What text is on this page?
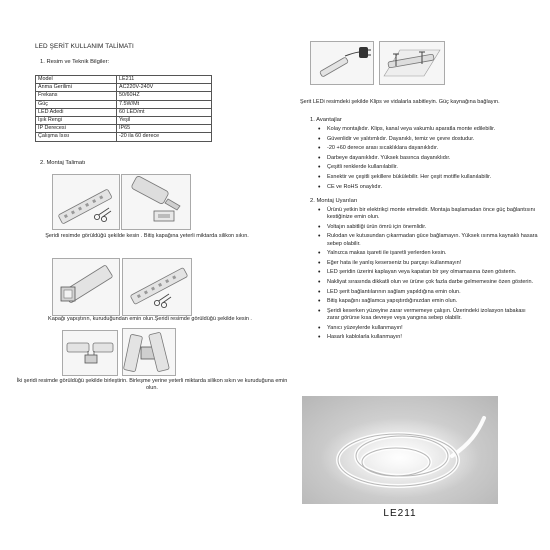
LED ŞERİT KULLANIM TALİMATI
1. Resim ve Teknik Bilgiler:
Model	LE211
Anma Gerilimi	AC220V-240V
Frekans	50/60HZ
Güç	7.5W/Mt
LED Adedi	60 LED/mt
Işık Rengi	Yeşil
IP Derecesi	IP65
Çalışma Isısı	-20 ila 60 derece
2. Montaj Talimatı
Şeridi resimde görüldüğü şekilde kesin . Bitiş kapağına yeterli miktarda silikon sıkın.
Kapağı yapıştırın, kuruduğundan emin olun.Şeridi resimde görüldüğü şekilde kesin .
İki şeridi resimde görüldüğü şekilde birleştirin. Birleşme yerine yeterli miktarda silikon sıkın ve kuruduğuna emin olun.
Şerit LEDi resimdeki şekilde Klips ve vidalarla sabitleyin. Güç kaynağına bağlayın.
1. Avantajlar
• Kolay montajlıdır. Klips, kanal veya vakumlu aparatla monte edilebilir.
• Güvenlidir ve yalıtımlıdır. Dayanıklı, temiz ve çevre dostudur.
• -20 +60 derece arası sıcaklıklara dayanıklıdır.
• Darbeye dayanıklıdır. Yüksek basınca dayanıklıdır.
• Çeşitli renklerde kullanılabilir.
• Esnektir ve çeşitli şekillere bükülebilir. Her çeşit motifle kullanılabilir.
• CE ve RoHS onaylıdır.
2. Montaj Uyarıları
• Ürünü yetkin bir elektrikçi monte etmelidir. Montaja başlamadan önce güç bağlantısını kestiğinize emin olun.
• Voltajın sabitliği ürün ömrü için önemlidir.
• Rulodan ve kutusundan çıkarmadan güce bağlamayın. Yüksek ısınma kaynaklı hasara sebep olabilir.
• Yalnızca makas işareti ile işaretli yerlerden kesin.
• Eğer hata ile yanlış keserseniz bu parçayı kullanmayın!
• LED şeridin üzerini kaplayan veya kapatan bir şey olmamasına özen gösterin.
• Nakliyat sırasında dikkatli olun ve ürüne çok fazla darbe gelmemesine özen gösterin.
• LED şerit bağlantılarının sağlam yapıldığına emin olun.
• Bitiş kapağını sağlamca yapıştırdığınızdan emin olun.
• Şeridi keserken yüzeyine zarar vermemeye çalışın. Üzerindeki izolasyon tabakası zarar görürse kısa devreye veya yangına sebep olabilir.
• Yanıcı yüzeylerde kullanmayın!
• Hasarlı kablolarla kullanmayın!
LE211
